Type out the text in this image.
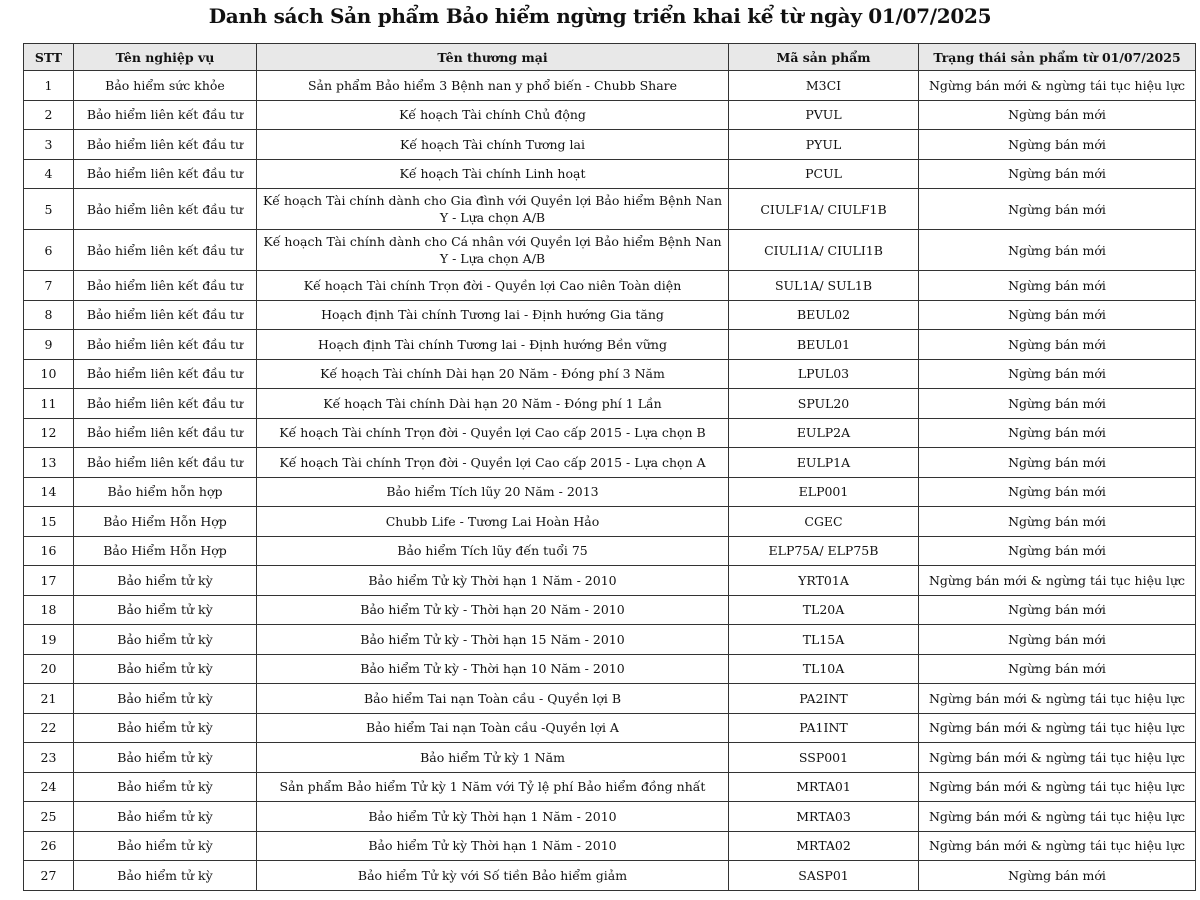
Danh sách Sản phẩm Bảo hiểm ngừng triển khai kể từ ngày 01/07/2025
STT	Tên nghiệp vụ	Tên thương mại	Mã sản phẩm	Trạng thái sản phẩm từ 01/07/2025
1	Bảo hiểm sức khỏe	Sản phẩm Bảo hiểm 3 Bệnh nan y phổ biến - Chubb Share	M3CI	Ngừng bán mới & ngừng tái tục hiệu lực
2	Bảo hiểm liên kết đầu tư	Kế hoạch Tài chính Chủ động	PVUL	Ngừng bán mới
3	Bảo hiểm liên kết đầu tư	Kế hoạch Tài chính Tương lai	PYUL	Ngừng bán mới
4	Bảo hiểm liên kết đầu tư	Kế hoạch Tài chính Linh hoạt	PCUL	Ngừng bán mới
5	Bảo hiểm liên kết đầu tư	Kế hoạch Tài chính dành cho Gia đình với Quyền lợi Bảo hiểm Bệnh Nan Y - Lựa chọn A/B	CIULF1A/ CIULF1B	Ngừng bán mới
6	Bảo hiểm liên kết đầu tư	Kế hoạch Tài chính dành cho Cá nhân với Quyền lợi Bảo hiểm Bệnh Nan Y - Lựa chọn A/B	CIULI1A/ CIULI1B	Ngừng bán mới
7	Bảo hiểm liên kết đầu tư	Kế hoạch Tài chính Trọn đời - Quyền lợi Cao niên Toàn diện	SUL1A/ SUL1B	Ngừng bán mới
8	Bảo hiểm liên kết đầu tư	Hoạch định Tài chính Tương lai - Định hướng Gia tăng	BEUL02	Ngừng bán mới
9	Bảo hiểm liên kết đầu tư	Hoạch định Tài chính Tương lai - Định hướng Bền vững	BEUL01	Ngừng bán mới
10	Bảo hiểm liên kết đầu tư	Kế hoạch Tài chính Dài hạn 20 Năm - Đóng phí 3 Năm	LPUL03	Ngừng bán mới
11	Bảo hiểm liên kết đầu tư	Kế hoạch Tài chính Dài hạn 20 Năm - Đóng phí 1 Lần	SPUL20	Ngừng bán mới
12	Bảo hiểm liên kết đầu tư	Kế hoạch Tài chính Trọn đời - Quyền lợi Cao cấp 2015 - Lựa chọn B	EULP2A	Ngừng bán mới
13	Bảo hiểm liên kết đầu tư	Kế hoạch Tài chính Trọn đời - Quyền lợi Cao cấp 2015 - Lựa chọn A	EULP1A	Ngừng bán mới
14	Bảo hiểm hỗn hợp	Bảo hiểm Tích lũy 20 Năm - 2013	ELP001	Ngừng bán mới
15	Bảo Hiểm Hỗn Hợp	Chubb Life - Tương Lai Hoàn Hảo	CGEC	Ngừng bán mới
16	Bảo Hiểm Hỗn Hợp	Bảo hiểm Tích lũy đến tuổi 75	ELP75A/ ELP75B	Ngừng bán mới
17	Bảo hiểm tử kỳ	Bảo hiểm Tử kỳ Thời hạn 1 Năm - 2010	YRT01A	Ngừng bán mới & ngừng tái tục hiệu lực
18	Bảo hiểm tử kỳ	Bảo hiểm Tử kỳ - Thời hạn 20 Năm - 2010	TL20A	Ngừng bán mới
19	Bảo hiểm tử kỳ	Bảo hiểm Tử kỳ - Thời hạn 15 Năm - 2010	TL15A	Ngừng bán mới
20	Bảo hiểm tử kỳ	Bảo hiểm Tử kỳ - Thời hạn 10 Năm - 2010	TL10A	Ngừng bán mới
21	Bảo hiểm tử kỳ	Bảo hiểm Tai nạn Toàn cầu - Quyền lợi B	PA2INT	Ngừng bán mới & ngừng tái tục hiệu lực
22	Bảo hiểm tử kỳ	Bảo hiểm Tai nạn Toàn cầu -Quyền lợi A	PA1INT	Ngừng bán mới & ngừng tái tục hiệu lực
23	Bảo hiểm tử kỳ	Bảo hiểm Tử kỳ 1 Năm	SSP001	Ngừng bán mới & ngừng tái tục hiệu lực
24	Bảo hiểm tử kỳ	Sản phẩm Bảo hiểm Tử kỳ 1 Năm với Tỷ lệ phí Bảo hiểm đồng nhất	MRTA01	Ngừng bán mới & ngừng tái tục hiệu lực
25	Bảo hiểm tử kỳ	Bảo hiểm Tử kỳ Thời hạn 1 Năm - 2010	MRTA03	Ngừng bán mới & ngừng tái tục hiệu lực
26	Bảo hiểm tử kỳ	Bảo hiểm Tử kỳ Thời hạn 1 Năm - 2010	MRTA02	Ngừng bán mới & ngừng tái tục hiệu lực
27	Bảo hiểm tử kỳ	Bảo hiểm Tử kỳ với Số tiền Bảo hiểm giảm	SASP01	Ngừng bán mới
